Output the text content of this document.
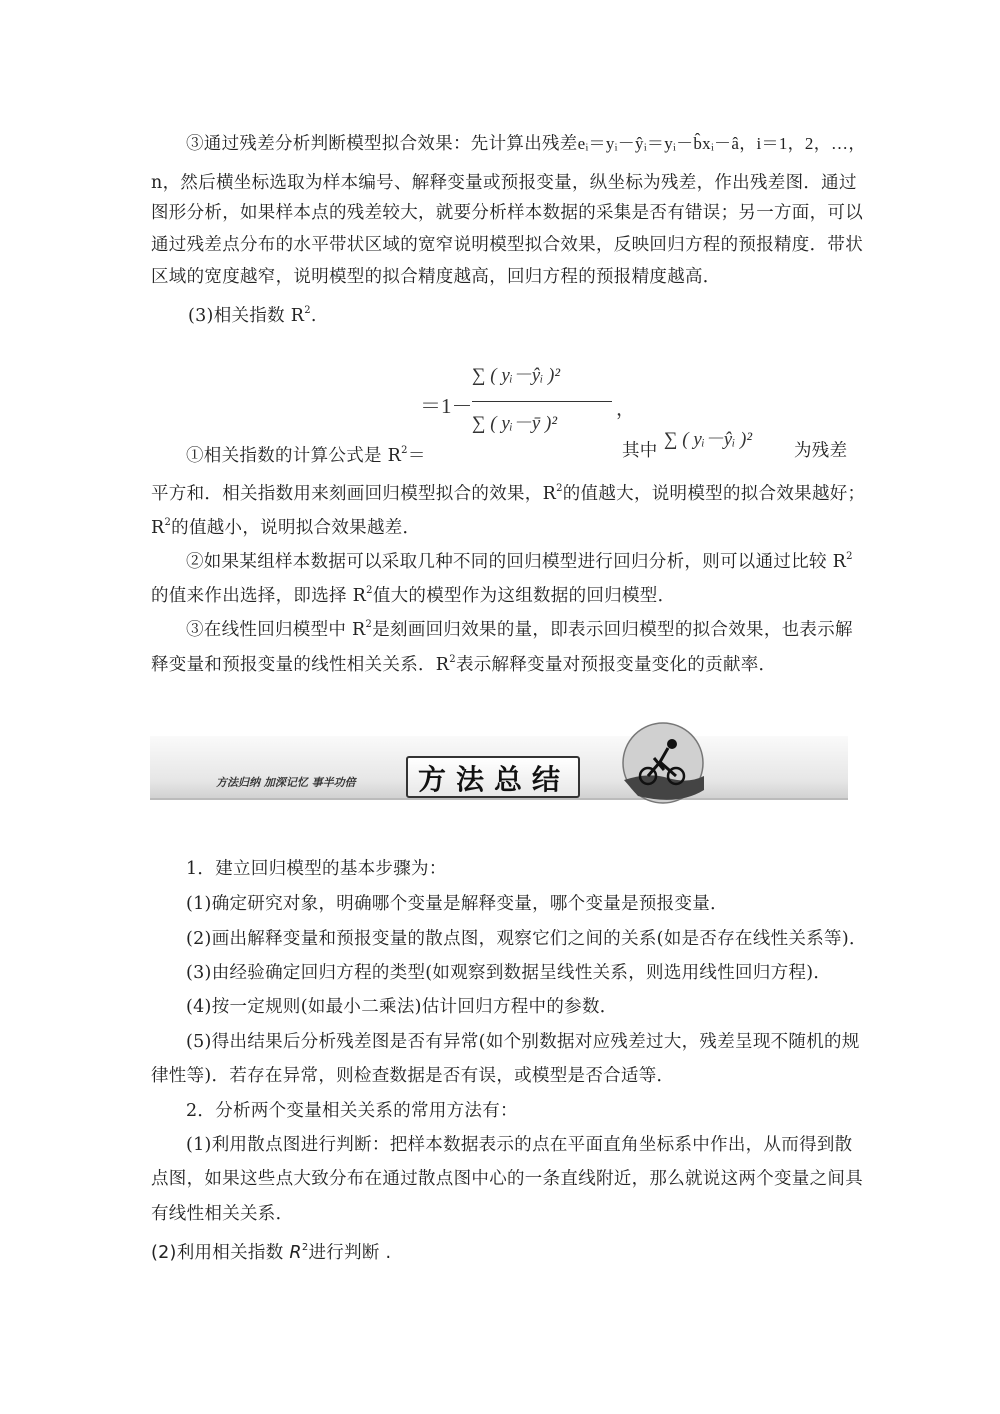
③通过残差分析判断模型拟合效果：先计算出残差eᵢ＝yᵢ－ŷᵢ＝yᵢ－b̂xᵢ－â，i＝1，2，…，
n，然后横坐标选取为样本编号、解释变量或预报变量，纵坐标为残差，作出残差图．通过
图形分析，如果样本点的残差较大，就要分析样本数据的采集是否有错误；另一方面，可以
通过残差点分布的水平带状区域的宽窄说明模型拟合效果，反映回归方程的预报精度．带状
区域的宽度越窄，说明模型的拟合精度越高，回归方程的预报精度越高．
(3)相关指数 $R^2$.
＝1－
∑ ( yᵢ－ŷᵢ )²
∑ ( yᵢ－ȳ )²
，
①相关指数的计算公式是 $R^2=$	其中
∑ ( yᵢ－ŷᵢ )²
为残差
平方和．相关指数用来刻画回归模型拟合的效果，$R^2$的值越大，说明模型的拟合效果越好；
$R^2$的值越小，说明拟合效果越差．
②如果某组样本数据可以采取几种不同的回归模型进行回归分析，则可以通过比较 $R^2$
的值来作出选择，即选择 $R^2$值大的模型作为这组数据的回归模型．
③在线性回归模型中 $R^2$是刻画回归效果的量，即表示回归模型的拟合效果，也表示解
释变量和预报变量的线性相关关系．$R^2$表示解释变量对预报变量变化的贡献率．
方法归纳 加深记忆 事半功倍 方法总结
1．建立回归模型的基本步骤为：
(1)确定研究对象，明确哪个变量是解释变量，哪个变量是预报变量．
(2)画出解释变量和预报变量的散点图，观察它们之间的关系(如是否存在线性关系等)．
(3)由经验确定回归方程的类型(如观察到数据呈线性关系，则选用线性回归方程)．
(4)按一定规则(如最小二乘法)估计回归方程中的参数．
(5)得出结果后分析残差图是否有异常(如个别数据对应残差过大，残差呈现不随机的规
律性等)．若存在异常，则检查数据是否有误，或模型是否合适等．
2．分析两个变量相关关系的常用方法有：
(1)利用散点图进行判断：把样本数据表示的点在平面直角坐标系中作出，从而得到散
点图，如果这些点大致分布在通过散点图中心的一条直线附近，那么就说这两个变量之间具
有线性相关关系．
(2)利用相关指数 $R^2$进行判断 .
